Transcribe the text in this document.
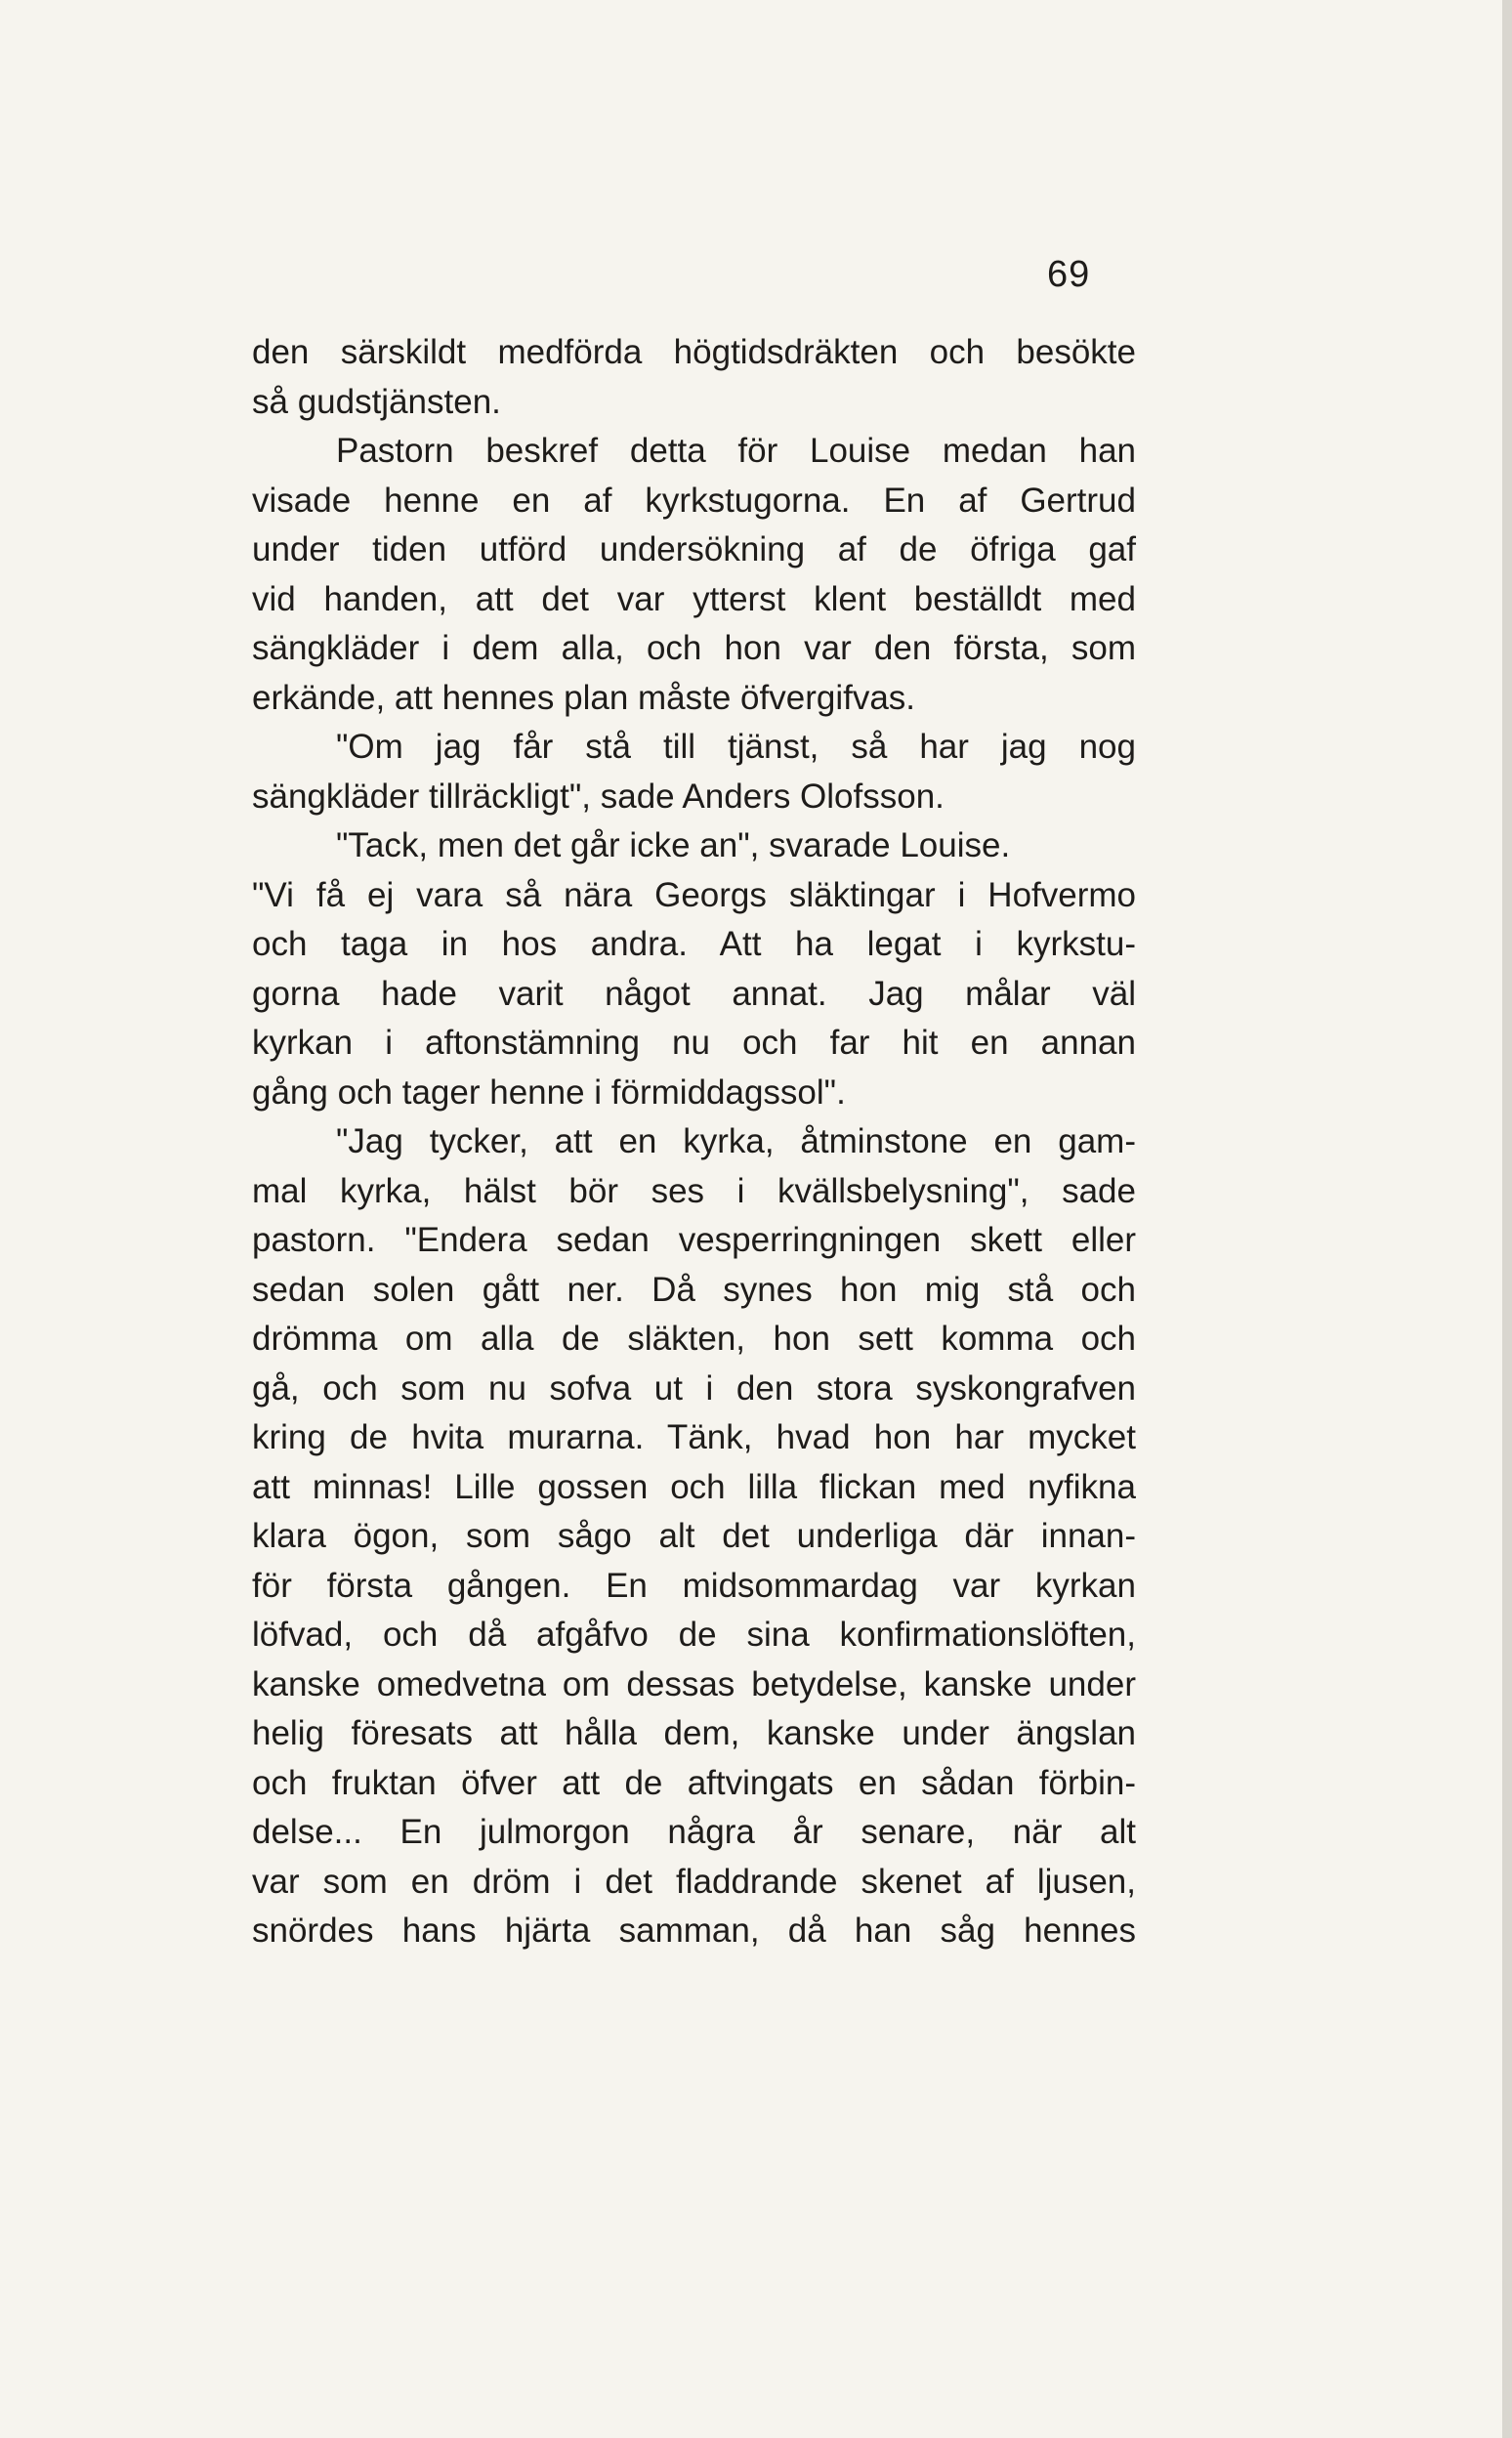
69
den särskildt medförda högtidsdräkten och besökte
så gudstjänsten.
Pastorn beskref detta för Louise medan han
visade henne en af kyrkstugorna. En af Gertrud
under tiden utförd undersökning af de öfriga gaf
vid handen, att det var ytterst klent beställdt med
sängkläder i dem alla, och hon var den första, som
erkände, att hennes plan måste öfvergifvas.
"Om jag får stå till tjänst, så har jag nog
sängkläder tillräckligt", sade Anders Olofsson.
"Tack, men det går icke an", svarade Louise.
"Vi få ej vara så nära Georgs släktingar i Hofvermo
och taga in hos andra. Att ha legat i kyrkstu-
gorna hade varit något annat. Jag målar väl
kyrkan i aftonstämning nu och far hit en annan
gång och tager henne i förmiddagssol".
"Jag tycker, att en kyrka, åtminstone en gam-
mal kyrka, hälst bör ses i kvällsbelysning", sade
pastorn. "Endera sedan vesperringningen skett eller
sedan solen gått ner. Då synes hon mig stå och
drömma om alla de släkten, hon sett komma och
gå, och som nu sofva ut i den stora syskongrafven
kring de hvita murarna. Tänk, hvad hon har mycket
att minnas! Lille gossen och lilla flickan med nyfikna
klara ögon, som sågo alt det underliga där innan-
för första gången. En midsommardag var kyrkan
löfvad, och då afgåfvo de sina konfirmationslöften,
kanske omedvetna om dessas betydelse, kanske under
helig föresats att hålla dem, kanske under ängslan
och fruktan öfver att de aftvingats en sådan förbin-
delse... En julmorgon några år senare, när alt
var som en dröm i det fladdrande skenet af ljusen,
snördes hans hjärta samman, då han såg hennes
